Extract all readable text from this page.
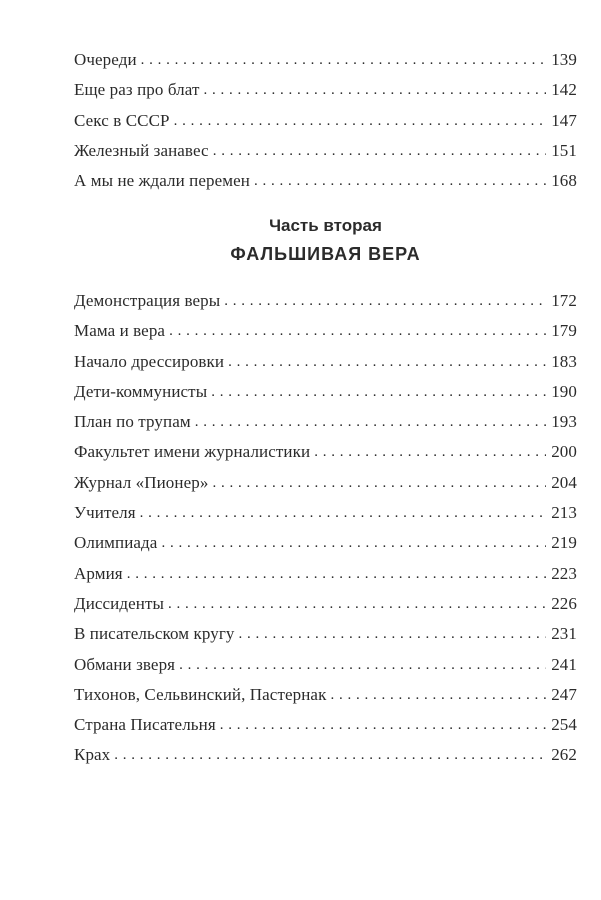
Очереди . . .	139
Еще раз про блат . . .	142
Секс в СССР . . .	147
Железный занавес . . .	151
А мы не ждали перемен . . .	168
Часть вторая
ФАЛЬШИВАЯ ВЕРА
Демонстрация веры . . .	172
Мама и вера . . .	179
Начало дрессировки . . .	183
Дети-коммунисты . . .	190
План по трупам . . .	193
Факультет имени журналистики . . .	200
Журнал «Пионер» . . .	204
Учителя . . .	213
Олимпиада . . .	219
Армия . . .	223
Диссиденты . . .	226
В писательском кругу . . .	231
Обмани зверя . . .	241
Тихонов, Сельвинский, Пастернак . . .	247
Страна Писательня . . .	254
Крах . . .	262
